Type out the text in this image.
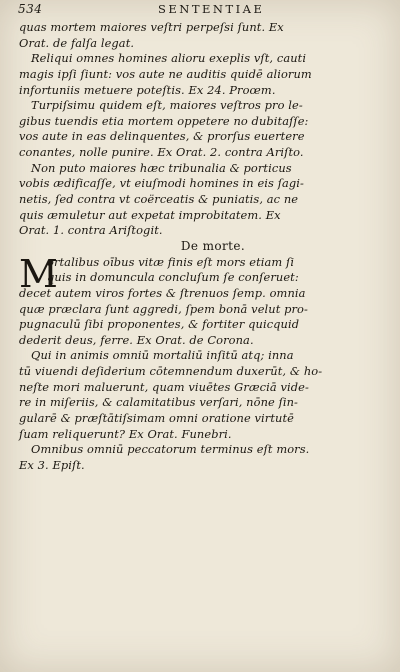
534	SENTENTIAE
quas mortem maiores veſtri perpeſsi ſunt. Ex
Orat. de falſa legat.
Reliqui omnes homines alioru exeplis vſt, cauti
magis ipſi ſiunt: vos aute ne auditis quidē aliorum
infortuniis metuere poteſtis. Ex 24. Proœm.
Turpiſsimu quidem eſt, maiores veſtros pro le-
gibus tuendis etia mortem oppetere no dubitaſſe:
vos aute in eas delinquentes, & prorſus euertere
conantes, nolle punire. Ex Orat. 2. contra Ariſto.
Non puto maiores hæc tribunalia & porticus
vobis ædificaſſe, vt eiuſmodi homines in eis ſagi-
netis, ſed contra vt coërceatis & puniatis, ac ne
quis æmuletur aut expetat improbitatem. Ex
Orat. 1. contra Ariſtogit.
De morte.
M
ortalibus oībus vitæ finis eſt mors etiam ſi
quis in domuncula concluſum ſe conſeruet:
decet autem viros fortes & ſtrenuos ſemp. omnia
quæ præclara ſunt aggredi, ſpem bonā velut pro-
pugnaculū ſibi proponentes, & fortiter quicquid
dederit deus, ferre. Ex Orat. de Corona.
Qui in animis omniū mortaliū inſitū atq; inna
tū viuendi deſiderium cōtemnendum duxerūt, & ho-
neſte mori maluerunt, quam viuētes Græciā vide-
re in miſeriis, & calamitatibus verſari, nōne ſin-
gularē & præſtātiſsimam omni oratione virtutē
ſuam reliquerunt? Ex Orat. Funebri.
Omnibus omniū peccatorum terminus eſt mors.
Ex 3. Epiſt.
